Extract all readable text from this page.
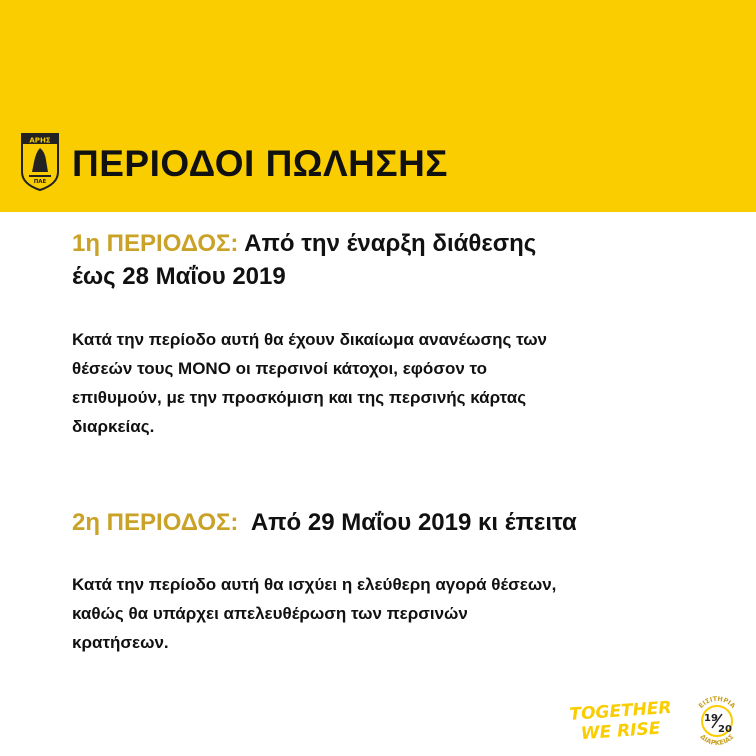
ΑΡΗΣ
ΠΑΕ ΠΕΡΙΟΔΟΙ ΠΩΛΗΣΗΣ
1η ΠΕΡΙΟΔΟΣ: Από την έναρξη διάθεσης
έως 28 Μαΐου 2019
Κατά την περίοδο αυτή θα έχουν δικαίωμα ανανέωσης των
θέσεών τους ΜΟΝΟ οι περσινοί κάτοχοι, εφόσον το
επιθυμούν, με την προσκόμιση και της περσινής κάρτας
διαρκείας.
2η ΠΕΡΙΟΔΟΣ:  Από 29 Μαΐου 2019 κι έπειτα
Κατά την περίοδο αυτή θα ισχύει η ελεύθερη αγορά θέσεων,
καθώς θα υπάρχει απελευθέρωση των περσινών
κρατήσεων.
TOGETHER
WE RISE
ΕΙΣΙΤΗΡΙΑ
ΔΙΑΡΚΕΙΑΣ
19
20
